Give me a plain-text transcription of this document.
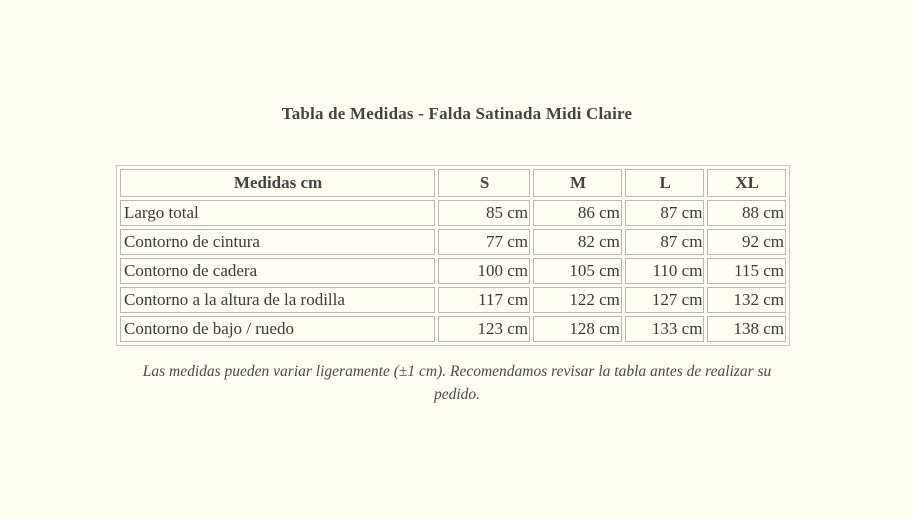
Tabla de Medidas - Falda Satinada Midi Claire
Medidas cm	S	M	L	XL
Largo total	85 cm	86 cm	87 cm	88 cm
Contorno de cintura	77 cm	82 cm	87 cm	92 cm
Contorno de cadera	100 cm	105 cm	110 cm	115 cm
Contorno a la altura de la rodilla	117 cm	122 cm	127 cm	132 cm
Contorno de bajo / ruedo	123 cm	128 cm	133 cm	138 cm
Las medidas pueden variar ligeramente (±1 cm). Recomendamos revisar la tabla antes de realizar su pedido.
